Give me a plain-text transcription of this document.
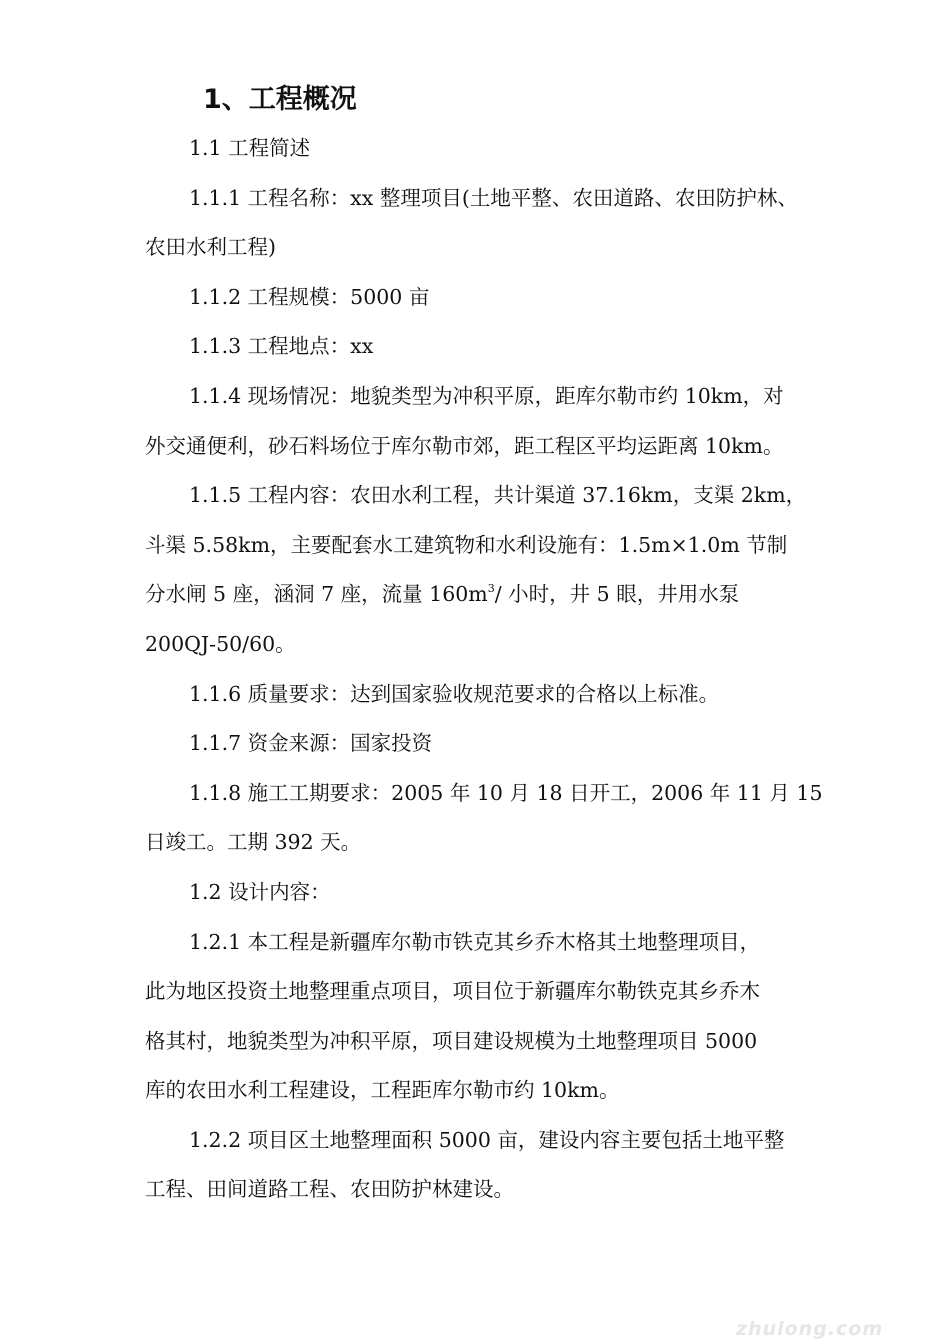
1、工程概况
1.1 工程简述
1.1.1 工程名称：xx 整理项目(土地平整、农田道路、农田防护林、
农田水利工程)
1.1.2 工程规模：5000 亩
1.1.3 工程地点：xx
1.1.4 现场情况：地貌类型为冲积平原，距库尔勒市约 10km，对
外交通便利，砂石料场位于库尔勒市郊，距工程区平均运距离 10km。
1.1.5 工程内容：农田水利工程，共计渠道 37.16km，支渠 2km，
斗渠 5.58km，主要配套水工建筑物和水利设施有：1.5m×1.0m 节制
分水闸 5 座，涵洞 7 座，流量 $160m^3/$ 小时，井 5 眼，井用水泵
200QJ-50/60。
1.1.6 质量要求：达到国家验收规范要求的合格以上标准。
1.1.7 资金来源：国家投资
1.1.8 施工工期要求：2005 年 10 月 18 日开工，2006 年 11 月 15
日竣工。工期 392 天。
1.2 设计内容：
1.2.1 本工程是新疆库尔勒市铁克其乡乔木格其土地整理项目，
此为地区投资土地整理重点项目，项目位于新疆库尔勒铁克其乡乔木
格其村，地貌类型为冲积平原，项目建设规模为土地整理项目 5000
库的农田水利工程建设，工程距库尔勒市约 10km。
1.2.2 项目区土地整理面积 5000 亩，建设内容主要包括土地平整
工程、田间道路工程、农田防护林建设。
zhulong.com
